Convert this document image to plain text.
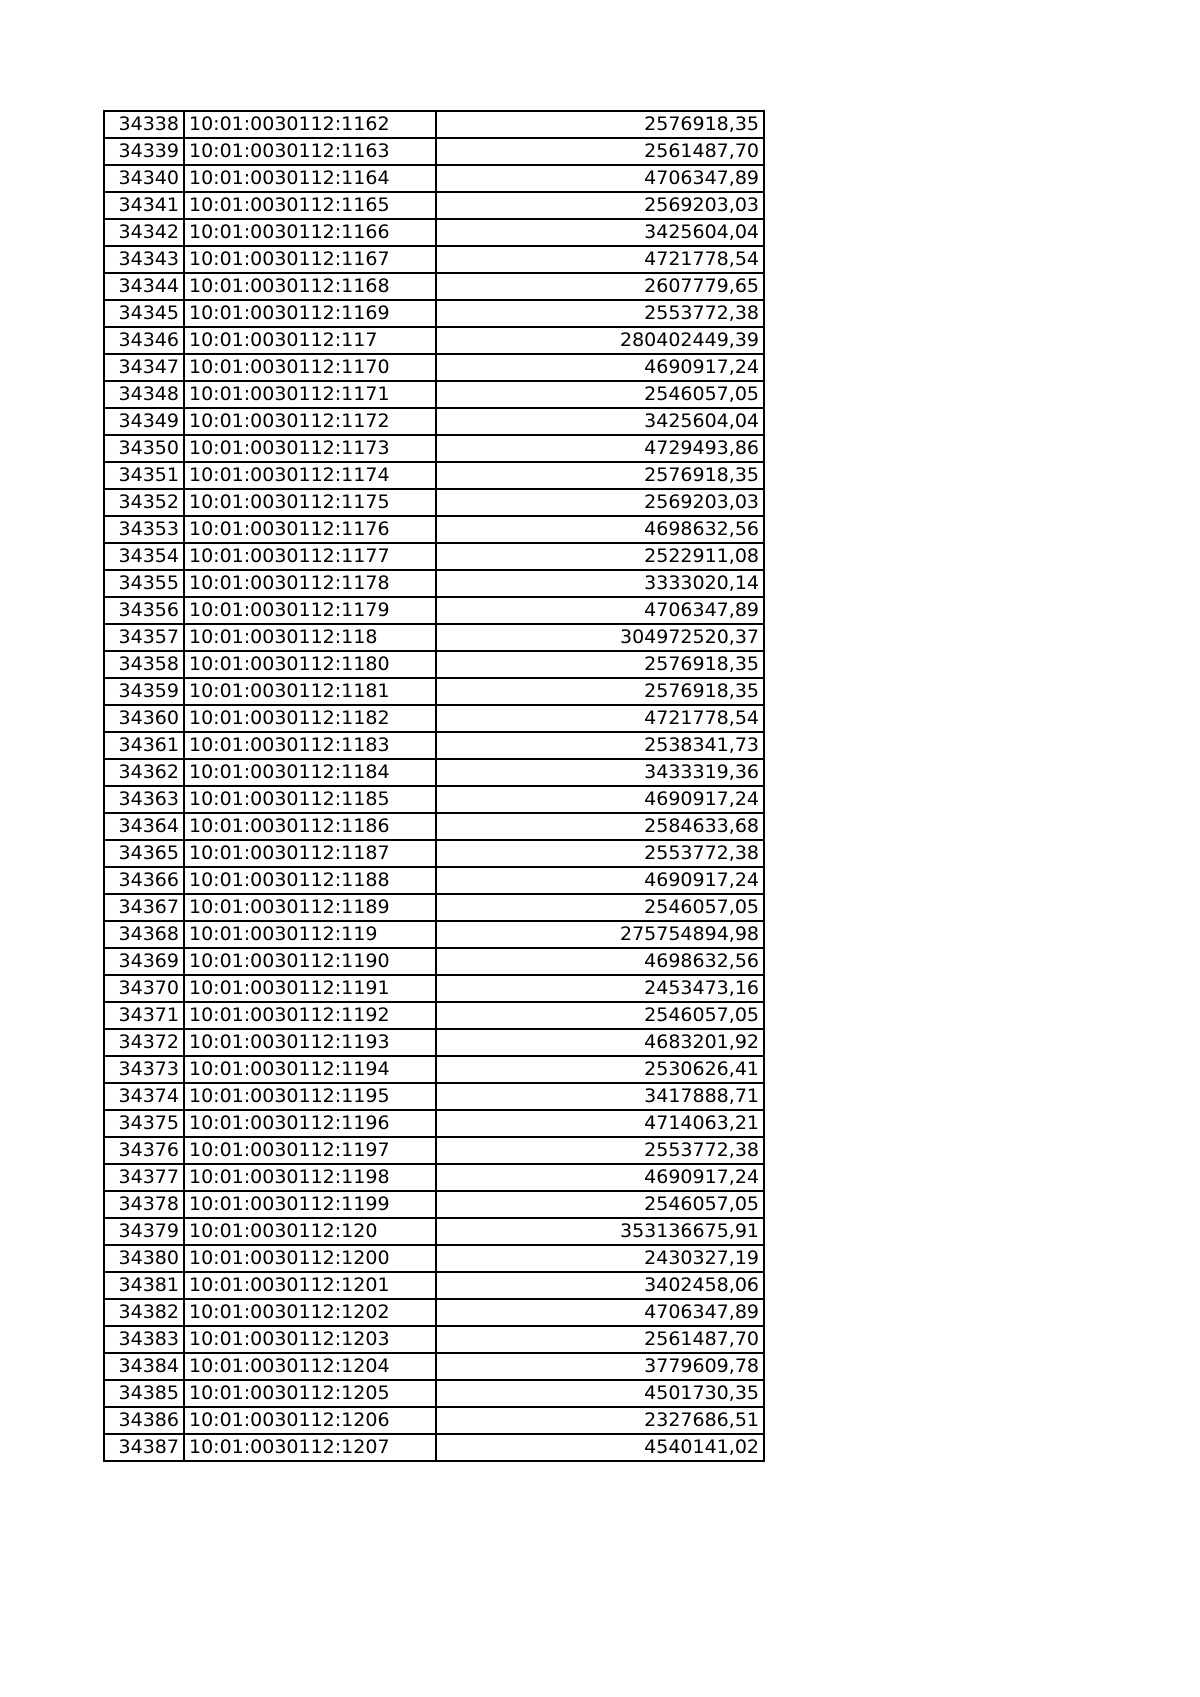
34338	10:01:0030112:1162	2576918,35
34339	10:01:0030112:1163	2561487,70
34340	10:01:0030112:1164	4706347,89
34341	10:01:0030112:1165	2569203,03
34342	10:01:0030112:1166	3425604,04
34343	10:01:0030112:1167	4721778,54
34344	10:01:0030112:1168	2607779,65
34345	10:01:0030112:1169	2553772,38
34346	10:01:0030112:117	280402449,39
34347	10:01:0030112:1170	4690917,24
34348	10:01:0030112:1171	2546057,05
34349	10:01:0030112:1172	3425604,04
34350	10:01:0030112:1173	4729493,86
34351	10:01:0030112:1174	2576918,35
34352	10:01:0030112:1175	2569203,03
34353	10:01:0030112:1176	4698632,56
34354	10:01:0030112:1177	2522911,08
34355	10:01:0030112:1178	3333020,14
34356	10:01:0030112:1179	4706347,89
34357	10:01:0030112:118	304972520,37
34358	10:01:0030112:1180	2576918,35
34359	10:01:0030112:1181	2576918,35
34360	10:01:0030112:1182	4721778,54
34361	10:01:0030112:1183	2538341,73
34362	10:01:0030112:1184	3433319,36
34363	10:01:0030112:1185	4690917,24
34364	10:01:0030112:1186	2584633,68
34365	10:01:0030112:1187	2553772,38
34366	10:01:0030112:1188	4690917,24
34367	10:01:0030112:1189	2546057,05
34368	10:01:0030112:119	275754894,98
34369	10:01:0030112:1190	4698632,56
34370	10:01:0030112:1191	2453473,16
34371	10:01:0030112:1192	2546057,05
34372	10:01:0030112:1193	4683201,92
34373	10:01:0030112:1194	2530626,41
34374	10:01:0030112:1195	3417888,71
34375	10:01:0030112:1196	4714063,21
34376	10:01:0030112:1197	2553772,38
34377	10:01:0030112:1198	4690917,24
34378	10:01:0030112:1199	2546057,05
34379	10:01:0030112:120	353136675,91
34380	10:01:0030112:1200	2430327,19
34381	10:01:0030112:1201	3402458,06
34382	10:01:0030112:1202	4706347,89
34383	10:01:0030112:1203	2561487,70
34384	10:01:0030112:1204	3779609,78
34385	10:01:0030112:1205	4501730,35
34386	10:01:0030112:1206	2327686,51
34387	10:01:0030112:1207	4540141,02
